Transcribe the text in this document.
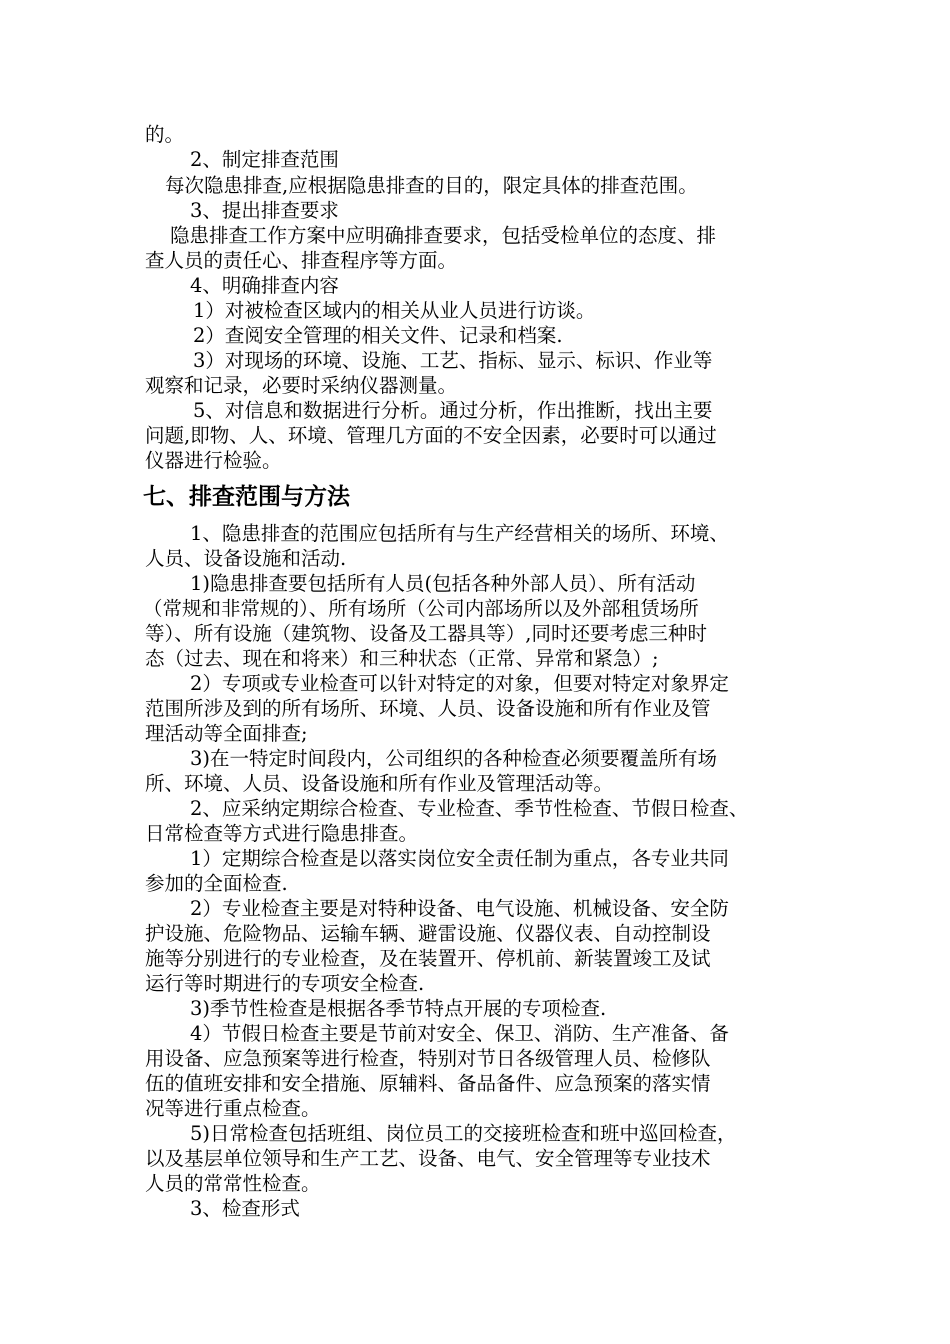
的。

2、制定排查范围

每次隐患排查,应根据隐患排查的目的，限定具体的排查范围。

3、提出排查要求

隐患排查工作方案中应明确排查要求，包括受检单位的态度、排

查人员的责任心、排查程序等方面。

4、明确排查内容

1）对被检查区域内的相关从业人员进行访谈。

2）查阅安全管理的相关文件、记录和档案.

3）对现场的环境、设施、工艺、指标、显示、标识、作业等

观察和记录，必要时采纳仪器测量。

5、对信息和数据进行分析。通过分析，作出推断，找出主要

问题,即物、人、环境、管理几方面的不安全因素，必要时可以通过

仪器进行检验。

七、排查范围与方法

1、隐患排查的范围应包括所有与生产经营相关的场所、环境、

人员、设备设施和活动.

1)隐患排查要包括所有人员(包括各种外部人员）、所有活动

（常规和非常规的）、所有场所（公司内部场所以及外部租赁场所

等）、所有设施（建筑物、设备及工器具等）,同时还要考虑三种时

态（过去、现在和将来）和三种状态（正常、异常和紧急）;

2）专项或专业检查可以针对特定的对象，但要对特定对象界定

范围所涉及到的所有场所、环境、人员、设备设施和所有作业及管

理活动等全面排查;

3)在一特定时间段内，公司组织的各种检查必须要覆盖所有场

所、环境、人员、设备设施和所有作业及管理活动等。

2、应采纳定期综合检查、专业检查、季节性检查、节假日检查、

日常检查等方式进行隐患排查。

1）定期综合检查是以落实岗位安全责任制为重点，各专业共同

参加的全面检查.

2）专业检查主要是对特种设备、电气设施、机械设备、安全防

护设施、危险物品、运输车辆、避雷设施、仪器仪表、自动控制设

施等分别进行的专业检查，及在装置开、停机前、新装置竣工及试

运行等时期进行的专项安全检查.

3)季节性检查是根据各季节特点开展的专项检查.

4）节假日检查主要是节前对安全、保卫、消防、生产准备、备

用设备、应急预案等进行检查，特别对节日各级管理人员、检修队

伍的值班安排和安全措施、原辅料、备品备件、应急预案的落实情

况等进行重点检查。

5)日常检查包括班组、岗位员工的交接班检查和班中巡回检查，

以及基层单位领导和生产工艺、设备、电气、安全管理等专业技术

人员的常常性检查。

3、检查形式
